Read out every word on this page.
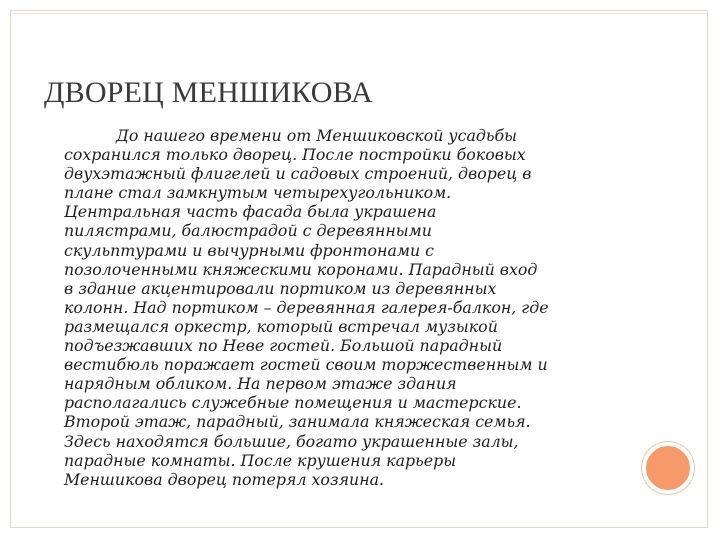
ДВОРЕЦ МЕНШИКОВА

До нашего времени от Меншиковской усадьбы
сохранился только дворец. После постройки боковых
двухэтажный флигелей и садовых строений, дворец в
плане стал замкнутым четырехугольником.
Центральная часть фасада была украшена
пилястрами, балюстрадой с деревянными
скульптурами и вычурными фронтонами с
позолоченными княжескими коронами. Парадный вход
в здание акцентировали портиком из деревянных
колонн. Над портиком – деревянная галерея-балкон, где
размещался оркестр, который встречал музыкой
подъезжавших по Неве гостей. Большой парадный
вестибюль поражает гостей своим торжественным и
нарядным обликом. На первом этаже здания
располагались служебные помещения и мастерские.
Второй этаж, парадный, занимала княжеская семья.
Здесь находятся большие, богато украшенные залы,
парадные комнаты. После крушения карьеры
Меншикова дворец потерял хозяина.
